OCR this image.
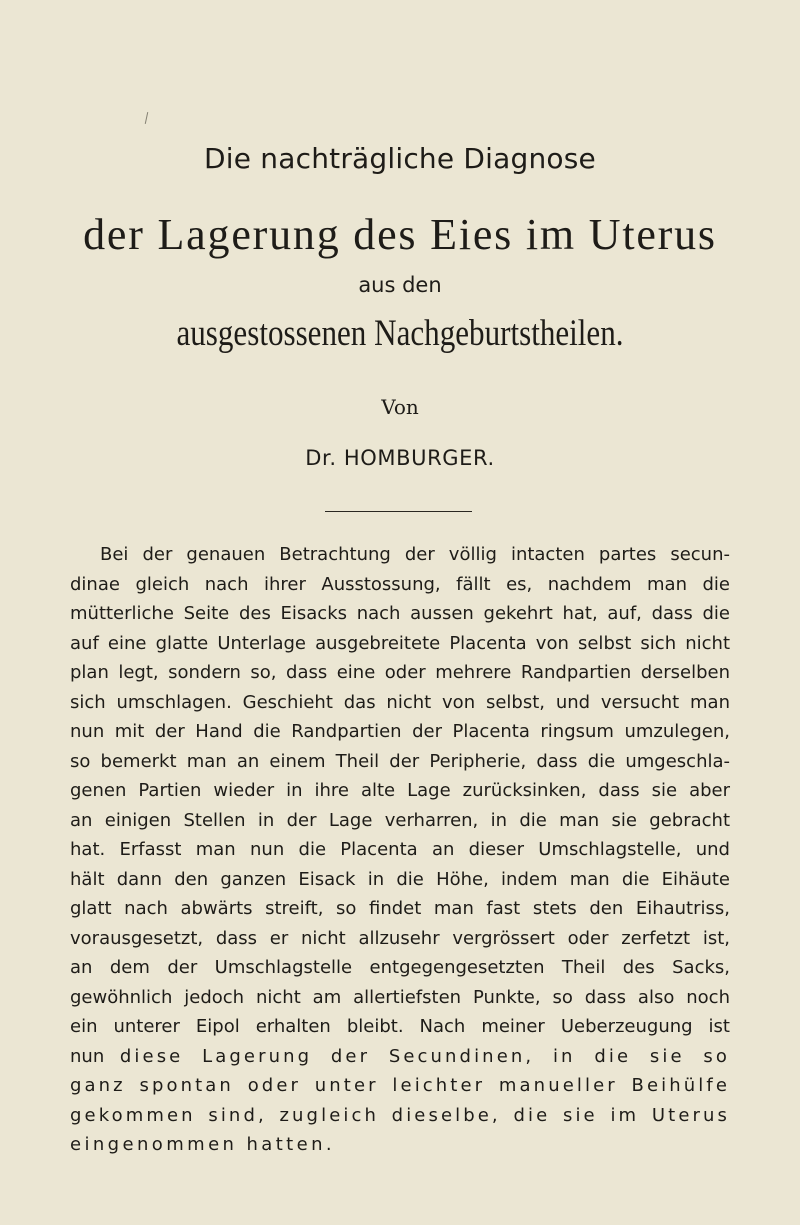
Die nachträgliche Diagnose
der Lagerung des Eies im Uterus
aus den
ausgestossenen Nachgeburtstheilen.
Von
Dr. HOMBURGER.
Bei der genauen Betrachtung der völlig intacten partes secun-
dinae gleich nach ihrer Ausstossung, fällt es, nachdem man die
mütterliche Seite des Eisacks nach aussen gekehrt hat, auf, dass die
auf eine glatte Unterlage ausgebreitete Placenta von selbst sich nicht
plan legt, sondern so, dass eine oder mehrere Randpartien derselben
sich umschlagen. Geschieht das nicht von selbst, und versucht man
nun mit der Hand die Randpartien der Placenta ringsum umzulegen,
so bemerkt man an einem Theil der Peripherie, dass die umgeschla-
genen Partien wieder in ihre alte Lage zurücksinken, dass sie aber
an einigen Stellen in der Lage verharren, in die man sie gebracht
hat. Erfasst man nun die Placenta an dieser Umschlagstelle, und
hält dann den ganzen Eisack in die Höhe, indem man die Eihäute
glatt nach abwärts streift, so findet man fast stets den Eihautriss,
vorausgesetzt, dass er nicht allzusehr vergrössert oder zerfetzt ist,
an dem der Umschlagstelle entgegengesetzten Theil des Sacks,
gewöhnlich jedoch nicht am allertiefsten Punkte, so dass also noch
ein unterer Eipol erhalten bleibt. Nach meiner Ueberzeugung ist
nun diese Lagerung der Secundinen, in die sie so
ganz spontan oder unter leichter manueller Beihülfe
gekommen sind, zugleich dieselbe, die sie im Uterus
eingenommen hatten.
